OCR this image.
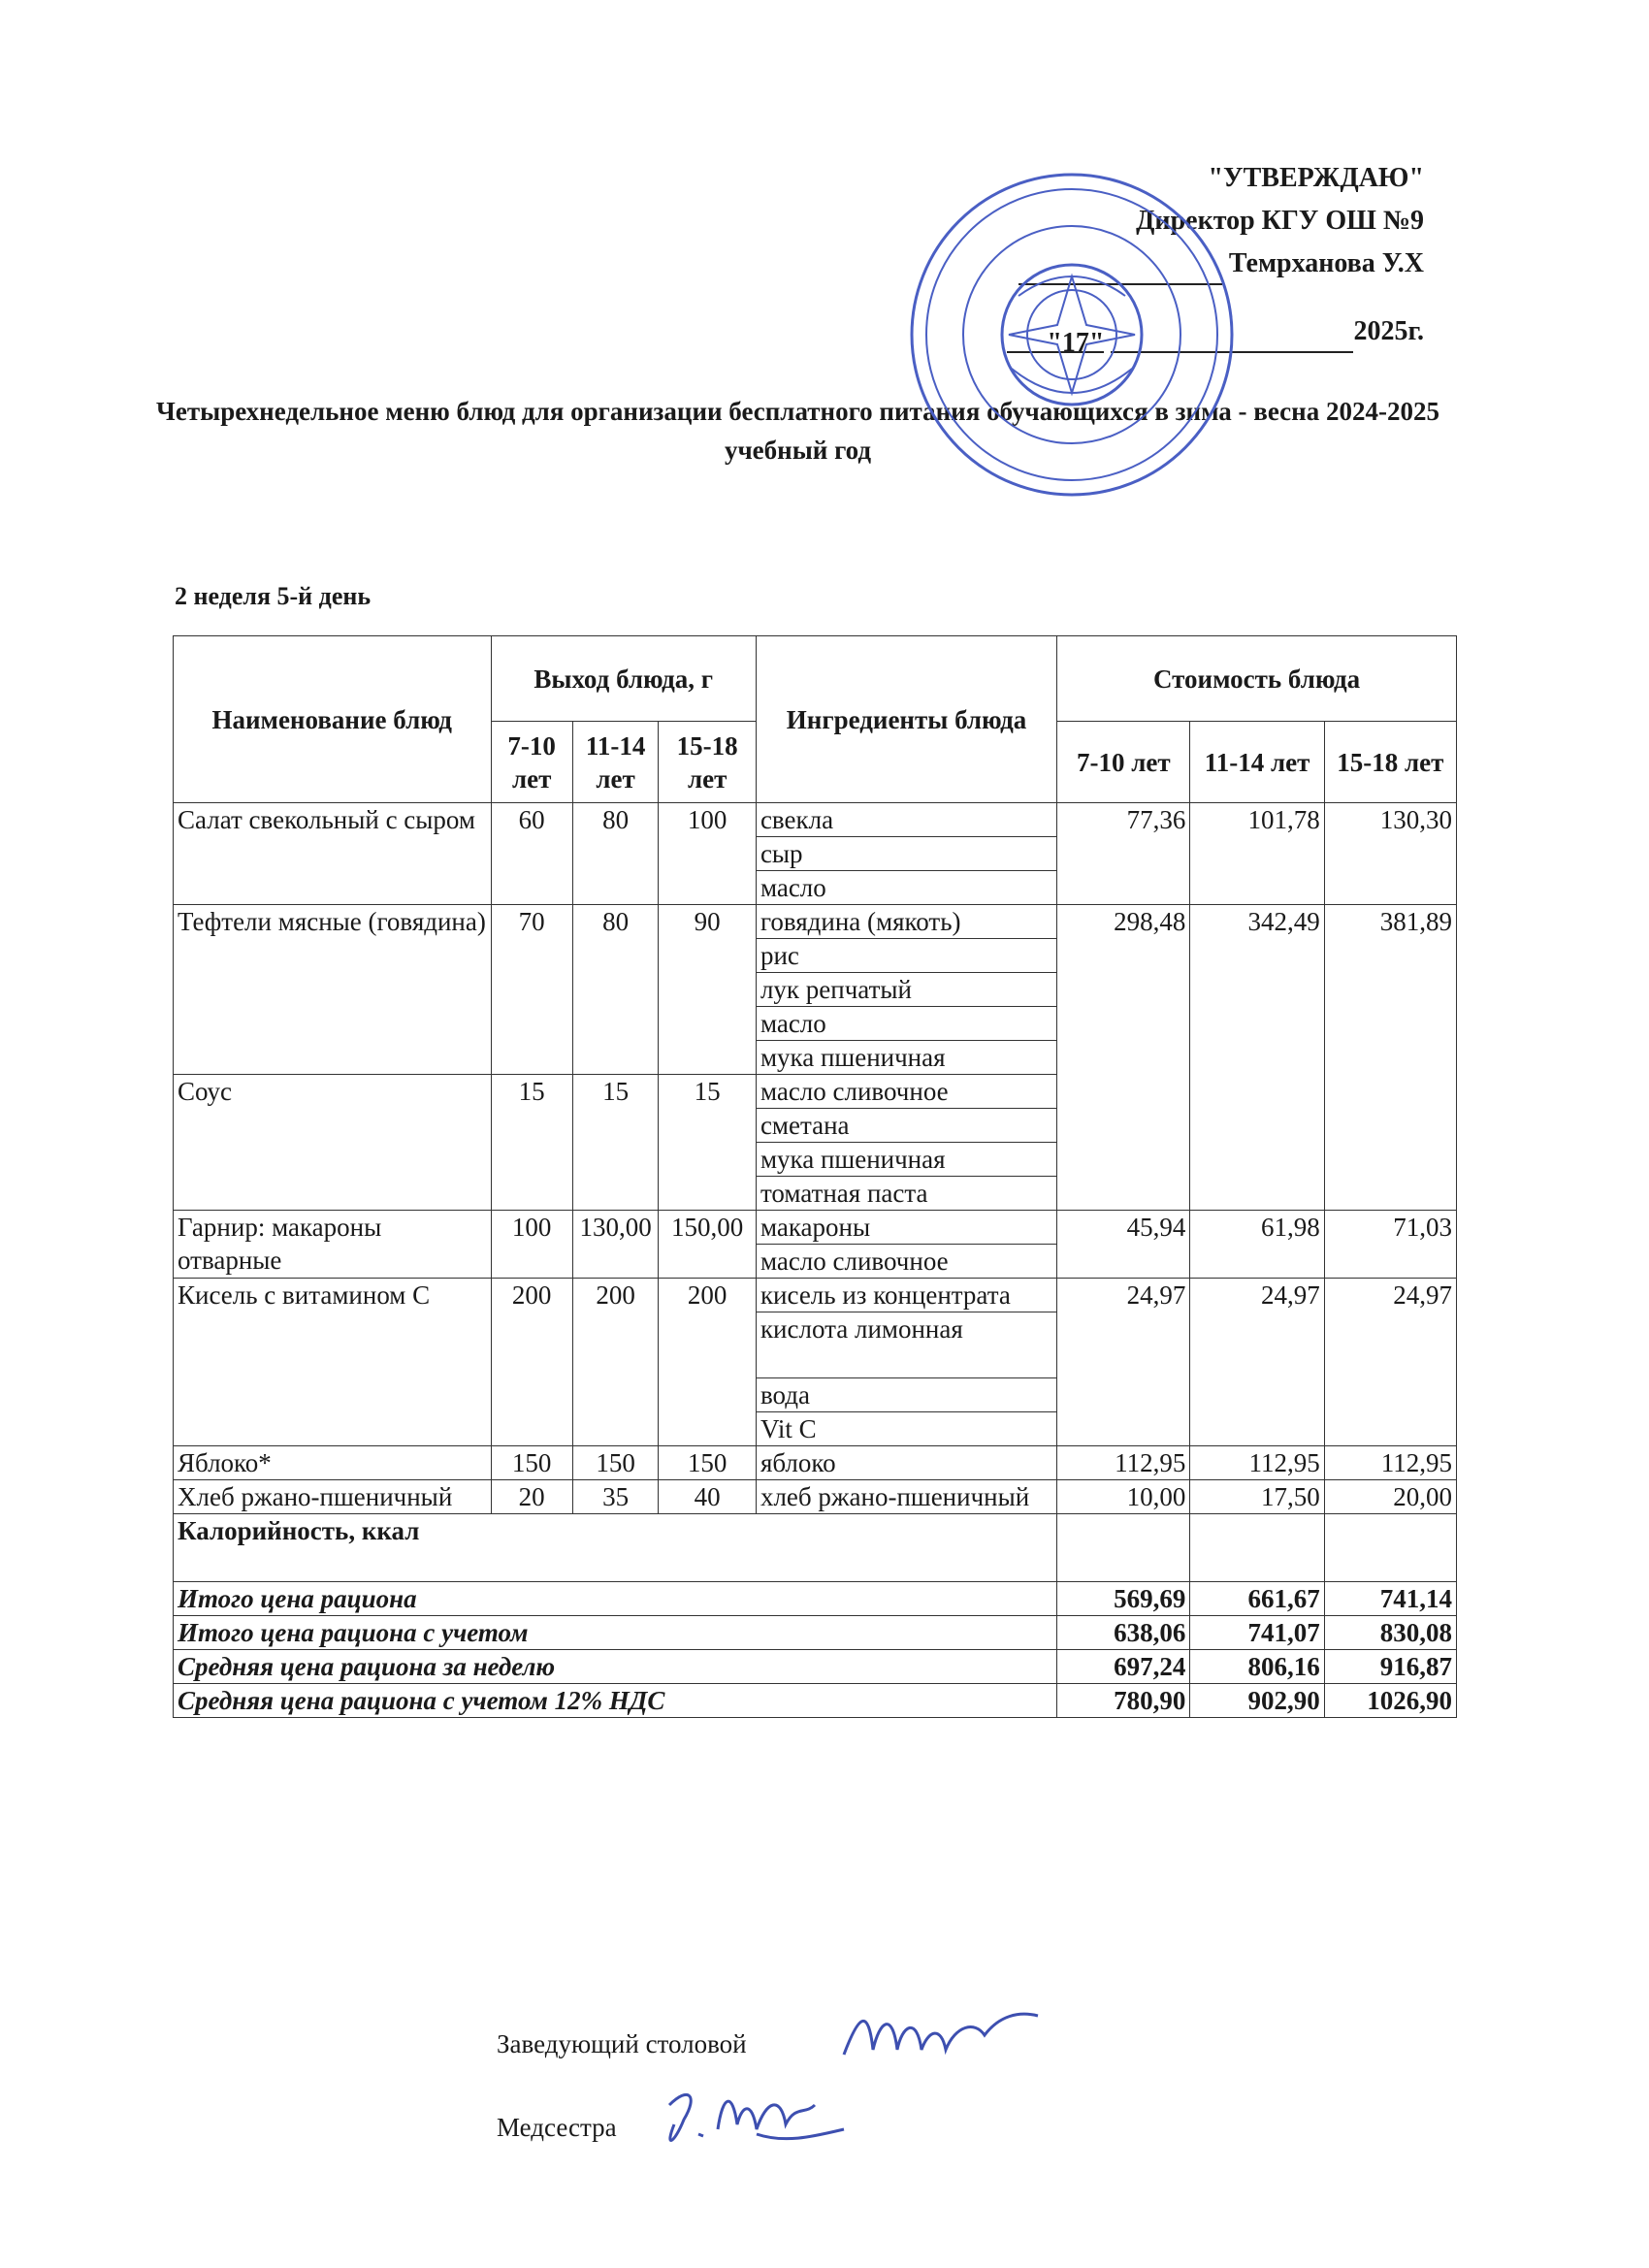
"УТВЕРЖДАЮ"
Директор КГУ ОШ №9
Темрханова У.Х
"17"	2025г.
Четырехнедельное меню блюд для организации бесплатного питания обучающихся в зима - весна 2024-2025 учебный год
2 неделя 5-й день
Наименование блюд	Выход блюда, г			Ингредиенты блюда	Стоимость блюда		
	7-10 лет	11-14 лет	15-18 лет		7-10 лет	11-14 лет	15-18 лет
Салат свекольный с сыром	60	80	100	свекла	77,36	101,78	130,30
				сыр			
				масло			
Тефтели мясные (говядина)	70	80	90	говядина (мякоть)	298,48	342,49	381,89
				рис			
				лук репчатый			
				масло			
				мука пшеничная			
Соус	15	15	15	масло сливочное			
				сметана			
				мука пшеничная			
				томатная паста			
Гарнир: макароны отварные	100	130,00	150,00	макароны	45,94	61,98	71,03
				масло сливочное			
Кисель с витамином С	200	200	200	кисель из концентрата	24,97	24,97	24,97
				кислота лимонная			
				вода			
				Vit C			
Яблоко*	150	150	150	яблоко	112,95	112,95	112,95
Хлеб ржано-пшеничный	20	35	40	хлеб ржано-пшеничный	10,00	17,50	20,00
Калорийность, ккал							
Итого цена рациона					569,69	661,67	741,14
Итого цена рациона с учетом					638,06	741,07	830,08
Средняя цена рациона за неделю					697,24	806,16	916,87
Средняя цена рациона с учетом 12% НДС					780,90	902,90	1026,90
Заведующий столовой
Медсестра
